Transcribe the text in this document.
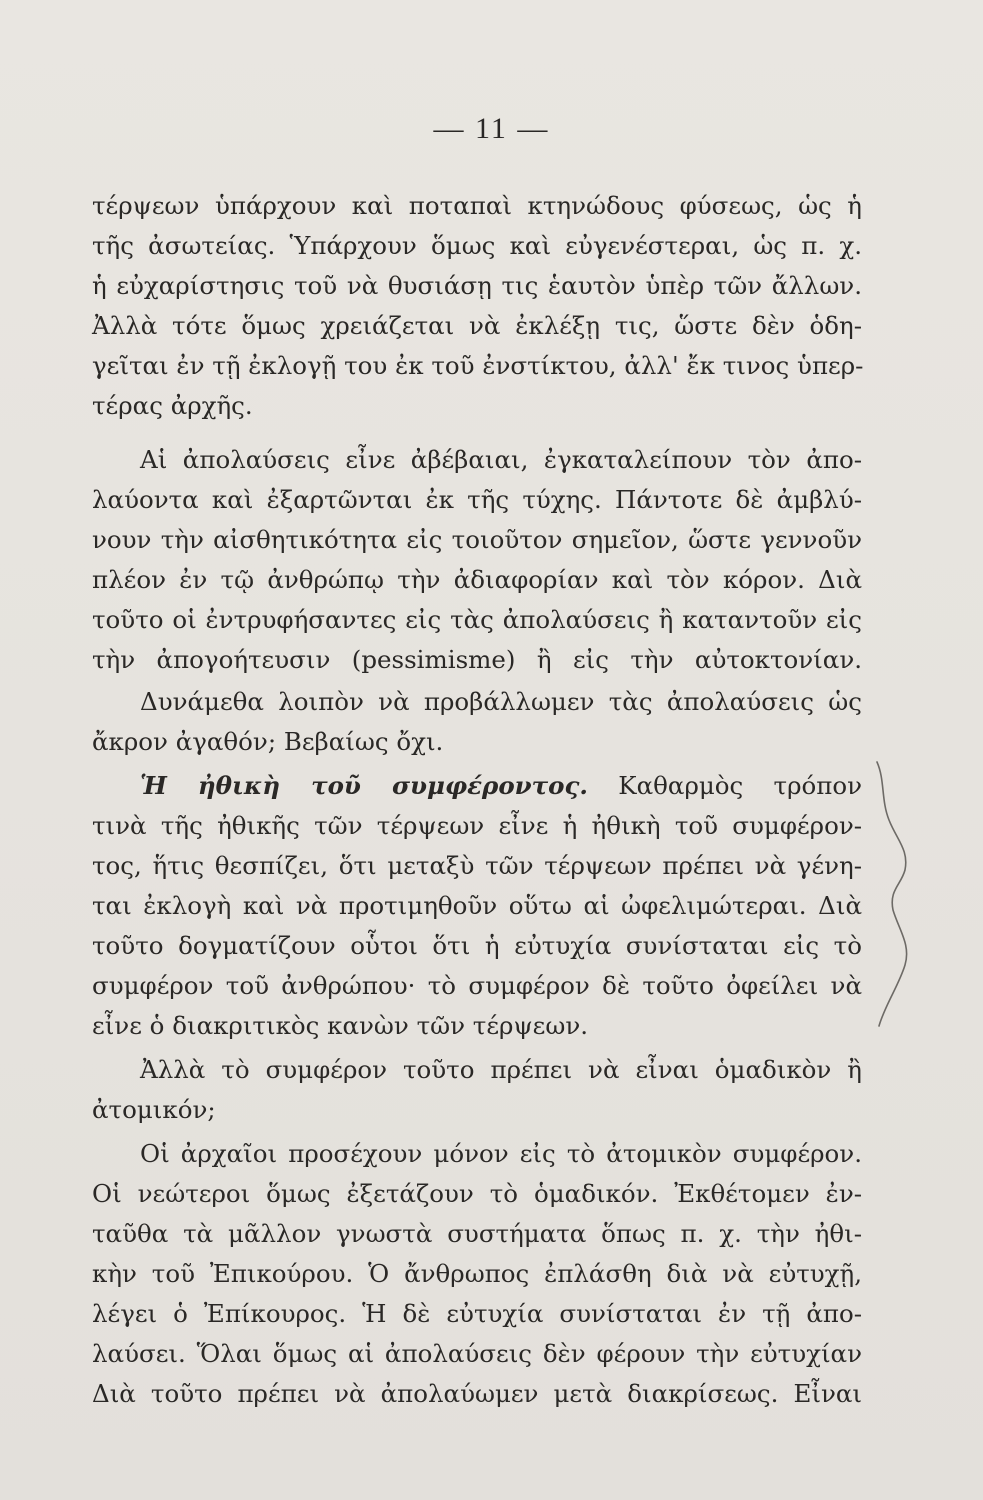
— 11 —
τέρψεων ὑπάρχουν καὶ ποταπαὶ κτηνώδους φύσεως, ὡς ἡ
τῆς ἀσωτείας. Ὑπάρχουν ὅμως καὶ εὐγενέστεραι, ὡς π. χ.
ἡ εὐχαρίστησις τοῦ νὰ θυσιάσῃ τις ἑαυτὸν ὑπὲρ τῶν ἄλλων.
Ἀλλὰ τότε ὅμως χρειάζεται νὰ ἐκλέξῃ τις, ὥστε δὲν ὁδη-
γεῖται ἐν τῇ ἐκλογῇ του ἐκ τοῦ ἐνστίκτου, ἀλλ' ἔκ τινος ὑπερ-
τέρας ἀρχῆς.
Αἱ ἀπολαύσεις εἶνε ἀβέβαιαι, ἐγκαταλείπουν τὸν ἀπο-
λαύοντα καὶ ἐξαρτῶνται ἐκ τῆς τύχης. Πάντοτε δὲ ἀμβλύ-
νουν τὴν αἰσθητικότητα εἰς τοιοῦτον σημεῖον, ὥστε γεννοῦν
πλέον ἐν τῷ ἀνθρώπῳ τὴν ἀδιαφορίαν καὶ τὸν κόρον. Διὰ
τοῦτο οἱ ἐντρυφήσαντες εἰς τὰς ἀπολαύσεις ἢ καταντοῦν εἰς
τὴν ἀπογοήτευσιν (pessimisme) ἢ εἰς τὴν αὐτοκτονίαν.
Δυνάμεθα λοιπὸν νὰ προβάλλωμεν τὰς ἀπολαύσεις ὡς
ἄκρον ἀγαθόν; Βεβαίως ὄχι.
Ἡ ἠθικὴ τοῦ συμφέροντος. Καθαρμὸς τρόπον
τινὰ τῆς ἠθικῆς τῶν τέρψεων εἶνε ἡ ἠθικὴ τοῦ συμφέρον-
τος, ἥτις θεσπίζει, ὅτι μεταξὺ τῶν τέρψεων πρέπει νὰ γένη-
ται ἐκλογὴ καὶ νὰ προτιμηθοῦν οὕτω αἱ ὠφελιμώτεραι. Διὰ
τοῦτο δογματίζουν οὗτοι ὅτι ἡ εὐτυχία συνίσταται εἰς τὸ
συμφέρον τοῦ ἀνθρώπου· τὸ συμφέρον δὲ τοῦτο ὀφείλει νὰ
εἶνε ὁ διακριτικὸς κανὼν τῶν τέρψεων.
Ἀλλὰ τὸ συμφέρον τοῦτο πρέπει νὰ εἶναι ὁμαδικὸν ἢ
ἀτομικόν;
Οἱ ἀρχαῖοι προσέχουν μόνον εἰς τὸ ἀτομικὸν συμφέρον.
Οἱ νεώτεροι ὅμως ἐξετάζουν τὸ ὁμαδικόν. Ἐκθέτομεν ἐν-
ταῦθα τὰ μᾶλλον γνωστὰ συστήματα ὅπως π. χ. τὴν ἠθι-
κὴν τοῦ Ἐπικούρου. Ὁ ἄνθρωπος ἐπλάσθη διὰ νὰ εὐτυχῇ,
λέγει ὁ Ἐπίκουρος. Ἡ δὲ εὐτυχία συνίσταται ἐν τῇ ἀπο-
λαύσει. Ὅλαι ὅμως αἱ ἀπολαύσεις δὲν φέρουν τὴν εὐτυχίαν
Διὰ τοῦτο πρέπει νὰ ἀπολαύωμεν μετὰ διακρίσεως. Εἶναι
